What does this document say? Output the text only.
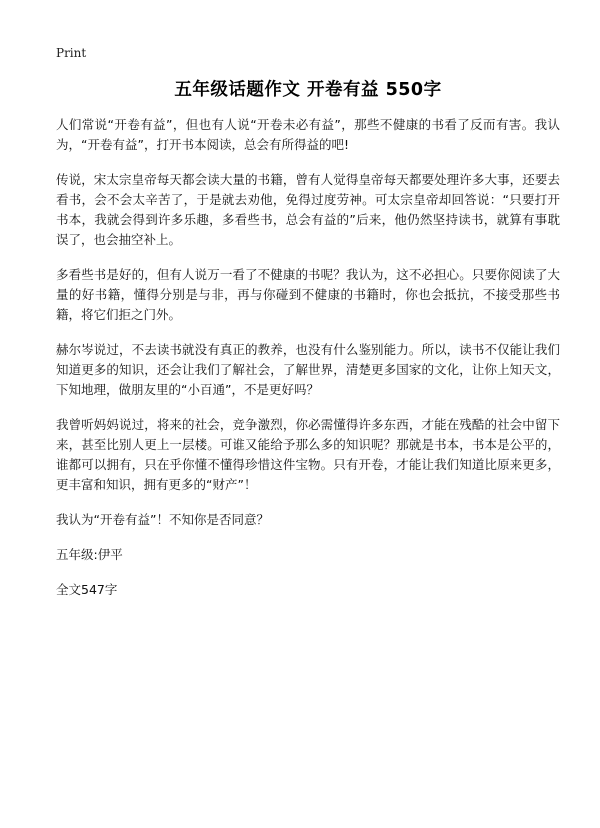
Print
五年级话题作文 开卷有益 550字

人们常说“开卷有益”，但也有人说“开卷未必有益”，那些不健康的书看了反而有害。我认为，“开卷有益”，打开书本阅读，总会有所得益的吧!

传说，宋太宗皇帝每天都会读大量的书籍，曾有人觉得皇帝每天都要处理许多大事，还要去看书，会不会太辛苦了，于是就去劝他，免得过度劳神。可太宗皇帝却回答说：“只要打开书本，我就会得到许多乐趣，多看些书，总会有益的”后来，他仍然坚持读书，就算有事耽误了，也会抽空补上。

多看些书是好的，但有人说万一看了不健康的书呢？我认为，这不必担心。只要你阅读了大量的好书籍，懂得分别是与非，再与你碰到不健康的书籍时，你也会抵抗，不接受那些书籍，将它们拒之门外。

赫尔岑说过，不去读书就没有真正的教养，也没有什么鉴别能力。所以，读书不仅能让我们知道更多的知识，还会让我们了解社会，了解世界，清楚更多国家的文化，让你上知天文，下知地理，做朋友里的“小百通”，不是更好吗？

我曾听妈妈说过，将来的社会，竞争激烈，你必需懂得许多东西，才能在残酷的社会中留下来，甚至比别人更上一层楼。可谁又能给予那么多的知识呢？那就是书本，书本是公平的，谁都可以拥有，只在乎你懂不懂得珍惜这件宝物。只有开卷，才能让我们知道比原来更多，更丰富和知识，拥有更多的“财产”！

我认为“开卷有益”！不知你是否同意？

五年级:伊平
全文547字
